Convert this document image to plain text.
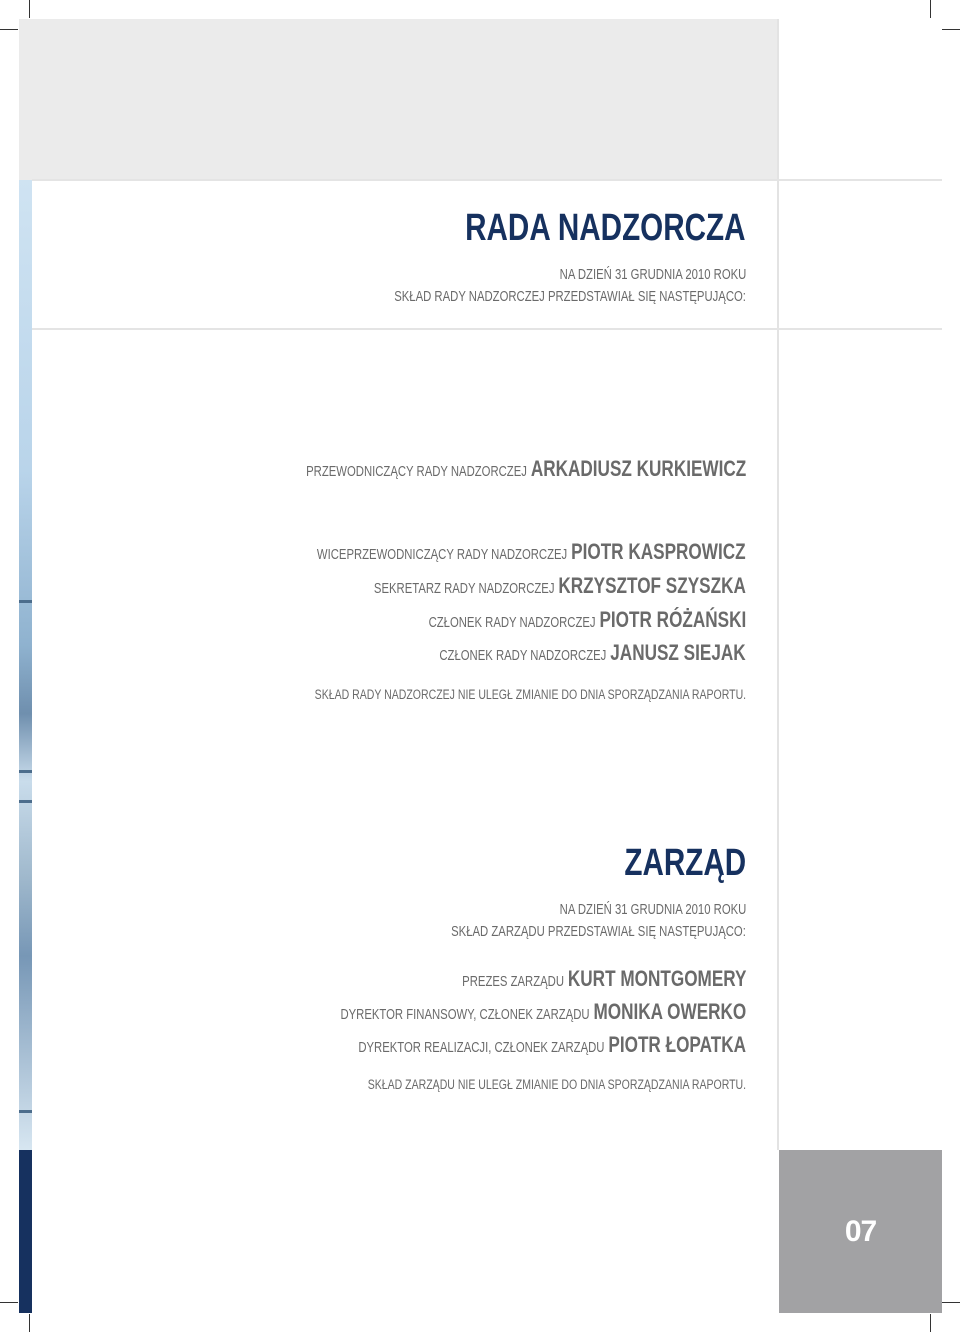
07
RADA NADZORCZA
NA DZIEŃ 31 GRUDNIA 2010 ROKU
SKŁAD RADY NADZORCZEJ PRZEDSTAWIAŁ SIĘ NASTĘPUJĄCO:
PRZEWODNICZĄCY RADY NADZORCZEJ ARKADIUSZ KURKIEWICZ
WICEPRZEWODNICZĄCY RADY NADZORCZEJ PIOTR KASPROWICZ
SEKRETARZ RADY NADZORCZEJ KRZYSZTOF SZYSZKA
CZŁONEK RADY NADZORCZEJ PIOTR RÓŻAŃSKI
CZŁONEK RADY NADZORCZEJ JANUSZ SIEJAK
SKŁAD RADY NADZORCZEJ NIE ULEGŁ ZMIANIE DO DNIA SPORZĄDZANIA RAPORTU.
ZARZĄD
NA DZIEŃ 31 GRUDNIA 2010 ROKU
SKŁAD ZARZĄDU PRZEDSTAWIAŁ SIĘ NASTĘPUJĄCO:
PREZES ZARZĄDU KURT MONTGOMERY
DYREKTOR FINANSOWY, CZŁONEK ZARZĄDU MONIKA OWERKO
DYREKTOR REALIZACJI, CZŁONEK ZARZĄDU PIOTR ŁOPATKA
SKŁAD ZARZĄDU NIE ULEGŁ ZMIANIE DO DNIA SPORZĄDZANIA RAPORTU.
